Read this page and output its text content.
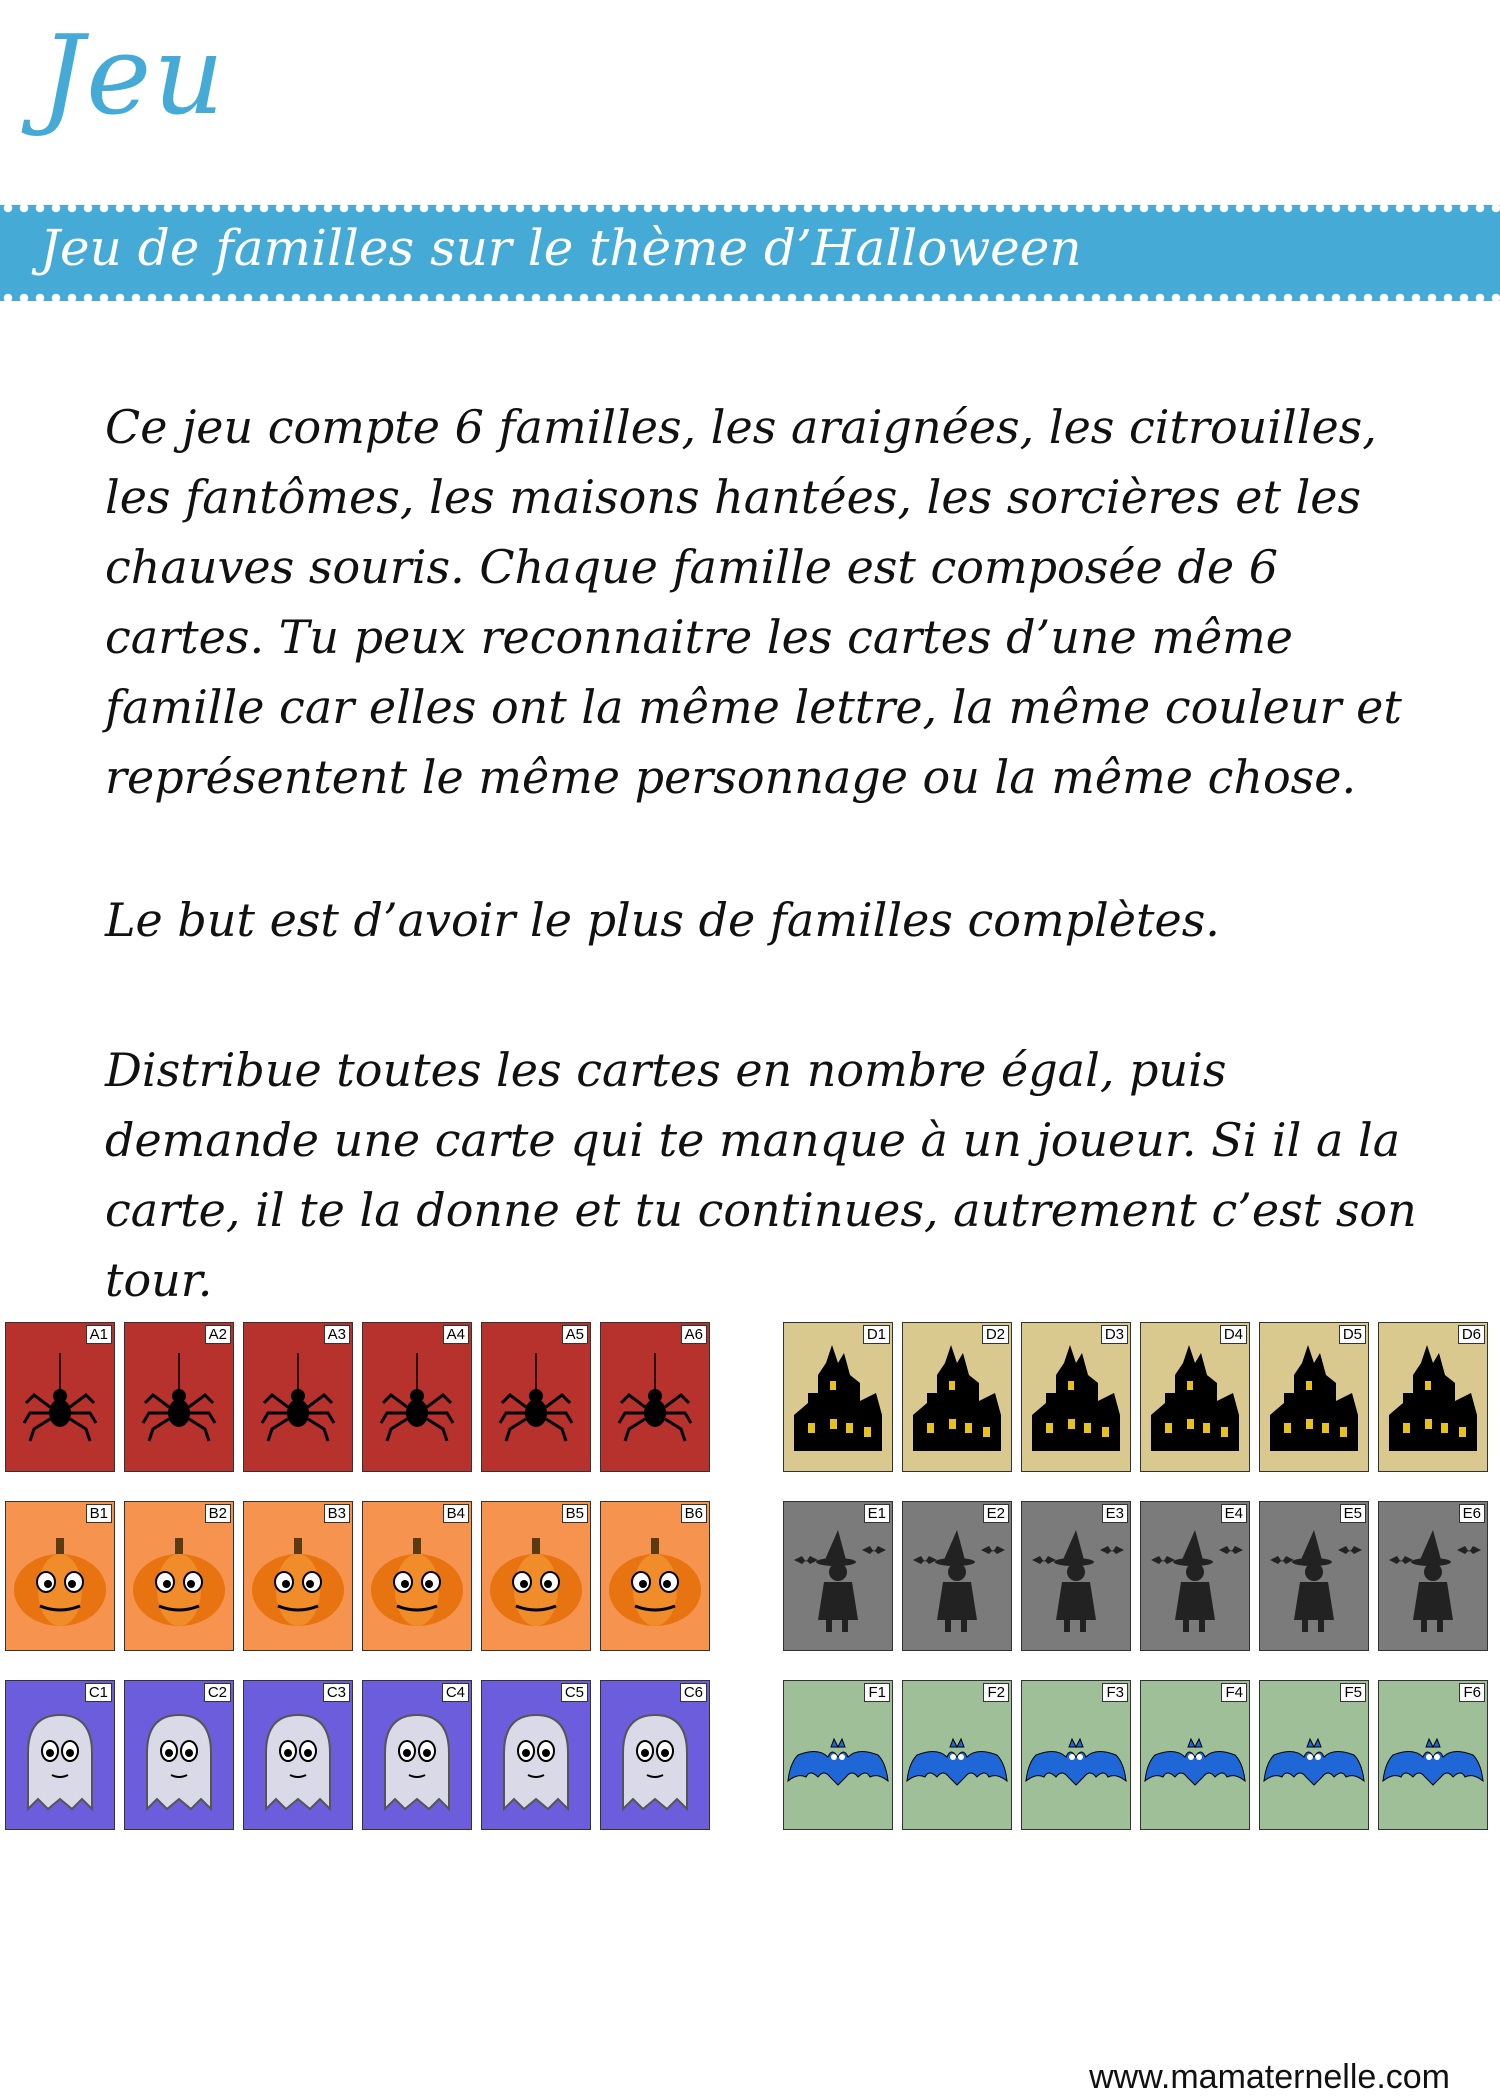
Jeu
Jeu de familles sur le thème d’Halloween
Ce jeu compte 6 familles, les araignées, les citrouilles, les fantômes, les maisons hantées, les sorcières et les chauves souris. Chaque famille est composée de 6 cartes. Tu peux reconnaitre les cartes d’une même famille car elles ont la même lettre, la même couleur et représentent le même personnage ou la même chose.
Le but est d’avoir le plus de familles complètes.
Distribue toutes les cartes en nombre égal, puis demande une carte qui te manque à un joueur. Si il a la carte, il te la donne et tu continues, autrement c’est son tour.
A1	A2	A3	A4	A5	A6
B1	B2	B3	B4	B5	B6
C1	C2	C3	C4	C5	C6
D1	D2	D3	D4	D5	D6
E1	E2	E3	E4	E5	E6
F1	F2	F3	F4	F5	F6
www.mamaternelle.com
